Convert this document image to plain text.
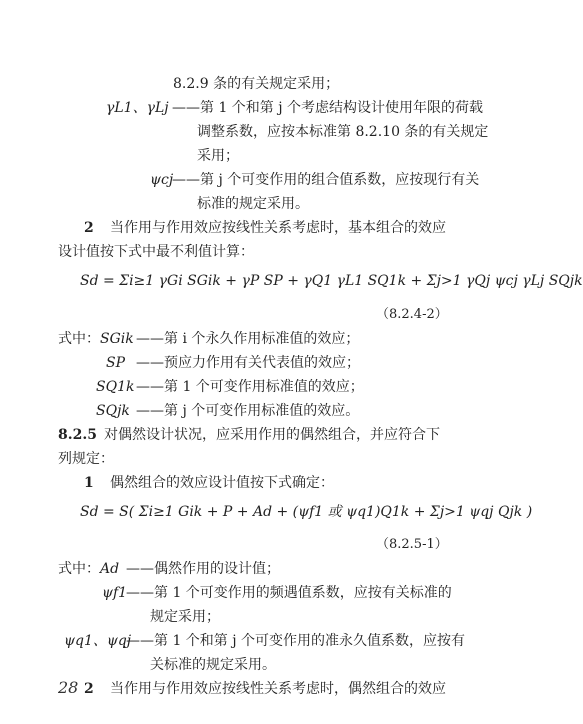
8.2.9 条的有关规定采用；
γL1、γLj ——第 1 个和第 j 个考虑结构设计使用年限的荷载
调整系数，应按本标准第 8.2.10 条的有关规定
采用；
ψcj
——第 j 个可变作用的组合值系数，应按现行有关
标准的规定采用。
2 当作用与作用效应按线性关系考虑时，基本组合的效应
设计值按下式中最不利值计算：
Sd = Σi≥1 γGi SGik + γP SP + γQ1 γL1 SQ1k + Σj>1 γQj ψcj γLj SQjk
（8.2.4-2）
式中： SGik ——第 i 个永久作用标准值的效应；
SP ——预应力作用有关代表值的效应；
SQ1k ——第 1 个可变作用标准值的效应；
SQjk ——第 j 个可变作用标准值的效应。
8.2.5 对偶然设计状况，应采用作用的偶然组合，并应符合下
列规定：
1 偶然组合的效应设计值按下式确定：
Sd = S( Σi≥1 Gik + P + Ad + (ψf1 或 ψq1)Q1k + Σj>1 ψqj Qjk )
（8.2.5-1）
式中： Ad ——偶然作用的设计值；
ψf1
——第 1 个可变作用的频遇值系数，应按有关标准的
规定采用；
ψq1、ψqj
——第 1 个和第 j 个可变作用的准永久值系数，应按有
关标准的规定采用。
2 当作用与作用效应按线性关系考虑时，偶然组合的效应
28
